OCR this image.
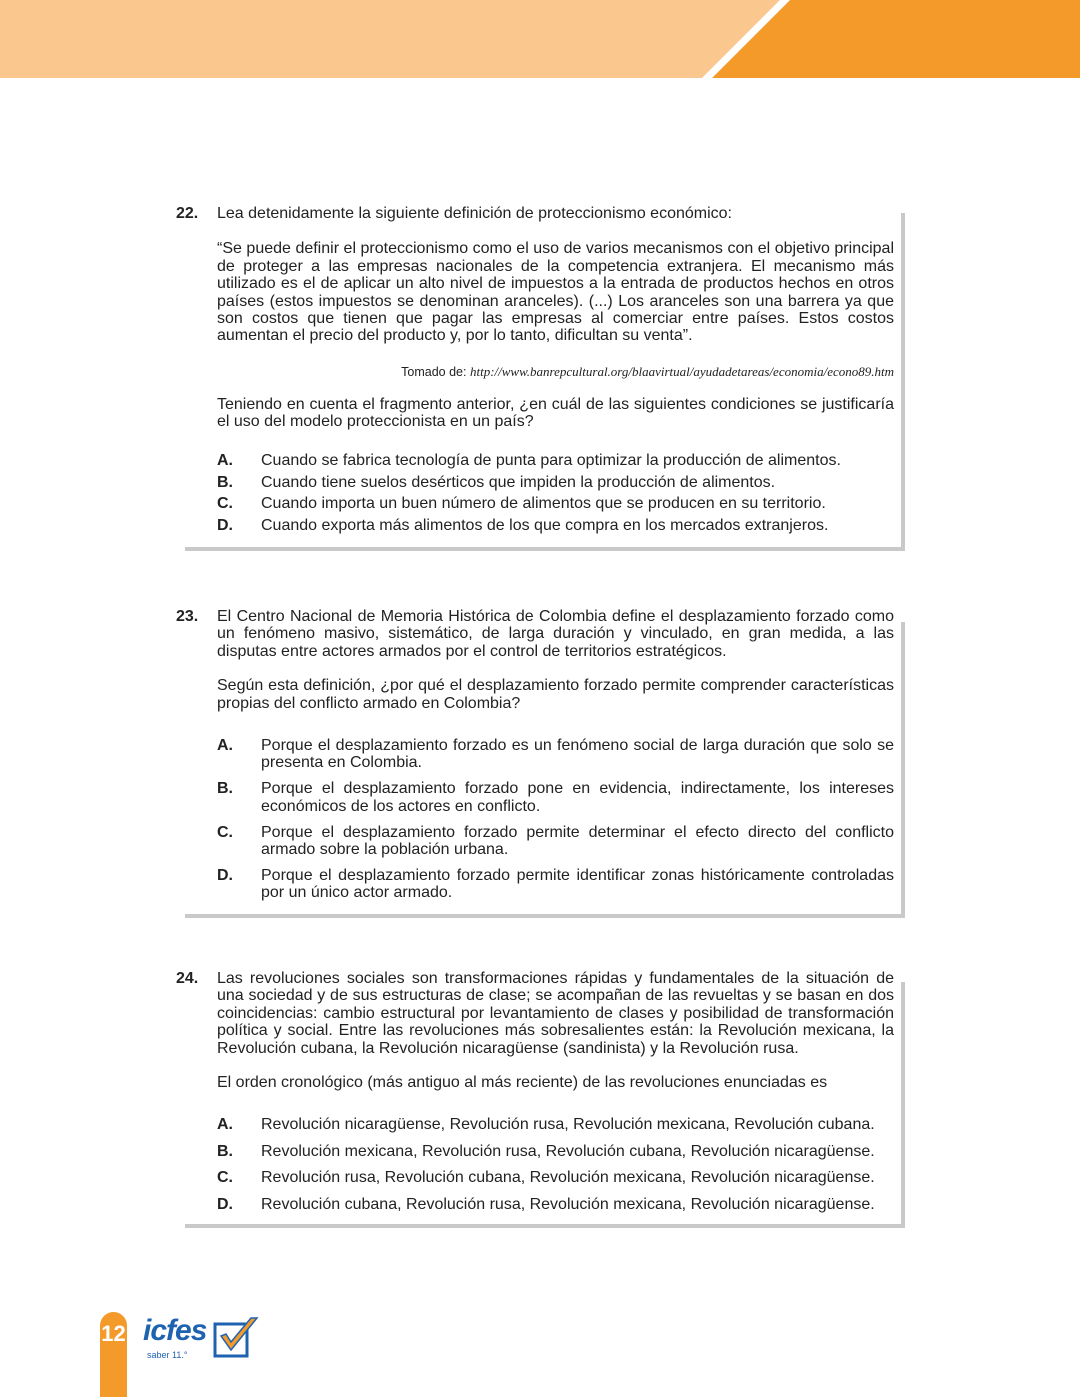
22. Lea detenidamente la siguiente definición de proteccionismo económico:

“Se puede definir el proteccionismo como el uso de varios mecanismos con el objetivo principal de proteger a las empresas nacionales de la competencia extranjera. El mecanismo más utilizado es el de aplicar un alto nivel de impuestos a la entrada de productos hechos en otros países (estos impuestos se denominan aranceles). (...) Los aranceles son una barrera ya que son costos que tienen que pagar las empresas al comerciar entre países. Estos costos aumentan el precio del producto y, por lo tanto, dificultan su venta”.

Tomado de: http://www.banrepcultural.org/blaavirtual/ayudadetareas/economia/econo89.htm

Teniendo en cuenta el fragmento anterior, ¿en cuál de las siguientes condiciones se justificaría el uso del modelo proteccionista en un país?

A.	Cuando se fabrica tecnología de punta para optimizar la producción de alimentos.
B.	Cuando tiene suelos desérticos que impiden la producción de alimentos.
C.	Cuando importa un buen número de alimentos que se producen en su territorio.
D.	Cuando exporta más alimentos de los que compra en los mercados extranjeros.
23. El Centro Nacional de Memoria Histórica de Colombia define el desplazamiento forzado como un fenómeno masivo, sistemático, de larga duración y vinculado, en gran medida, a las disputas entre actores armados por el control de territorios estratégicos.

Según esta definición, ¿por qué el desplazamiento forzado permite comprender características propias del conflicto armado en Colombia?

A.	Porque el desplazamiento forzado es un fenómeno social de larga duración que solo se presenta en Colombia.
B.	Porque el desplazamiento forzado pone en evidencia, indirectamente, los intereses económicos de los actores en conflicto.
C.	Porque el desplazamiento forzado permite determinar el efecto directo del conflicto armado sobre la población urbana.
D.	Porque el desplazamiento forzado permite identificar zonas históricamente controladas por un único actor armado.
24. Las revoluciones sociales son transformaciones rápidas y fundamentales de la situación de una sociedad y de sus estructuras de clase; se acompañan de las revueltas y se basan en dos coincidencias: cambio estructural por levantamiento de clases y posibilidad de transformación política y social. Entre las revoluciones más sobresalientes están: la Revolución mexicana, la Revolución cubana, la Revolución nicaragüense (sandinista) y la Revolución rusa.

El orden cronológico (más antiguo al más reciente) de las revoluciones enunciadas es

A.	Revolución nicaragüense, Revolución rusa, Revolución mexicana, Revolución cubana.
B.	Revolución mexicana, Revolución rusa, Revolución cubana, Revolución nicaragüense.
C.	Revolución rusa, Revolución cubana, Revolución mexicana, Revolución nicaragüense.
D.	Revolución cubana, Revolución rusa, Revolución mexicana, Revolución nicaragüense.
12 icfes
saber 11.°
